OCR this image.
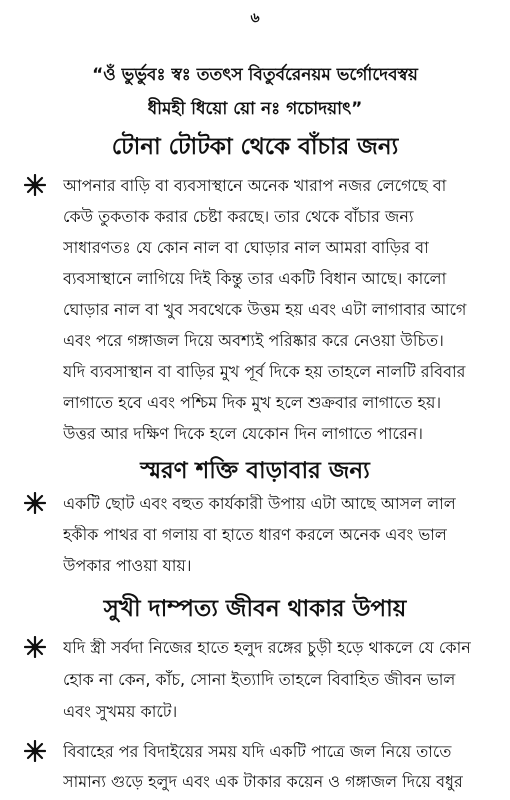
৬
“ওঁ ভুর্ভুবঃ স্বঃ ততৎস বিতুর্বরেনয়ম ভর্গোদেবস্বয়
ধীমহী ধিয়ো য়ো নঃ গচোদয়াৎ”
টোনা টোটকা থেকে বাঁচার জন্য
আপনার বাড়ি বা ব্যবসাস্থানে অনেক খারাপ নজর লেগেছে বা
কেউ তুকতাক করার চেষ্টা করছে। তার থেকে বাঁচার জন্য
সাধারণতঃ যে কোন নাল বা ঘোড়ার নাল আমরা বাড়ির বা
ব্যবসাস্থানে লাগিয়ে দিই কিন্তু তার একটি বিধান আছে। কালো
ঘোড়ার নাল বা খুব সবথেকে উত্তম হয় এবং এটা লাগাবার আগে
এবং পরে গঙ্গাজল দিয়ে অবশ্যই পরিষ্কার করে নেওয়া উচিত।
যদি ব্যবসাস্থান বা বাড়ির মুখ পূর্ব দিকে হয় তাহলে নালটি রবিবার
লাগাতে হবে এবং পশ্চিম দিক মুখ হলে শুক্রবার লাগাতে হয়।
উত্তর আর দক্ষিণ দিকে হলে যেকোন দিন লাগাতে পারেন।
স্মরণ শক্তি বাড়াবার জন্য
একটি ছোট এবং বহুত কার্যকারী উপায় এটা আছে আসল লাল
হকীক পাথর বা গলায় বা হাতে ধারণ করলে অনেক এবং ভাল
উপকার পাওয়া যায়।
সুখী দাম্পত্য জীবন থাকার উপায়
যদি স্ত্রী সর্বদা নিজের হাতে হলুদ রঙ্গের চুড়ী হড়ে থাকলে যে কোন
হোক না কেন, কাঁচ, সোনা ইত্যাদি তাহলে বিবাহিত জীবন ভাল
এবং সুখময় কাটে।
বিবাহের পর বিদাইয়ের সময় যদি একটি পাত্রে জল নিয়ে তাতে
সামান্য গুড়ে হলুদ এবং এক টাকার কয়েন ও গঙ্গাজল দিয়ে বধুর
